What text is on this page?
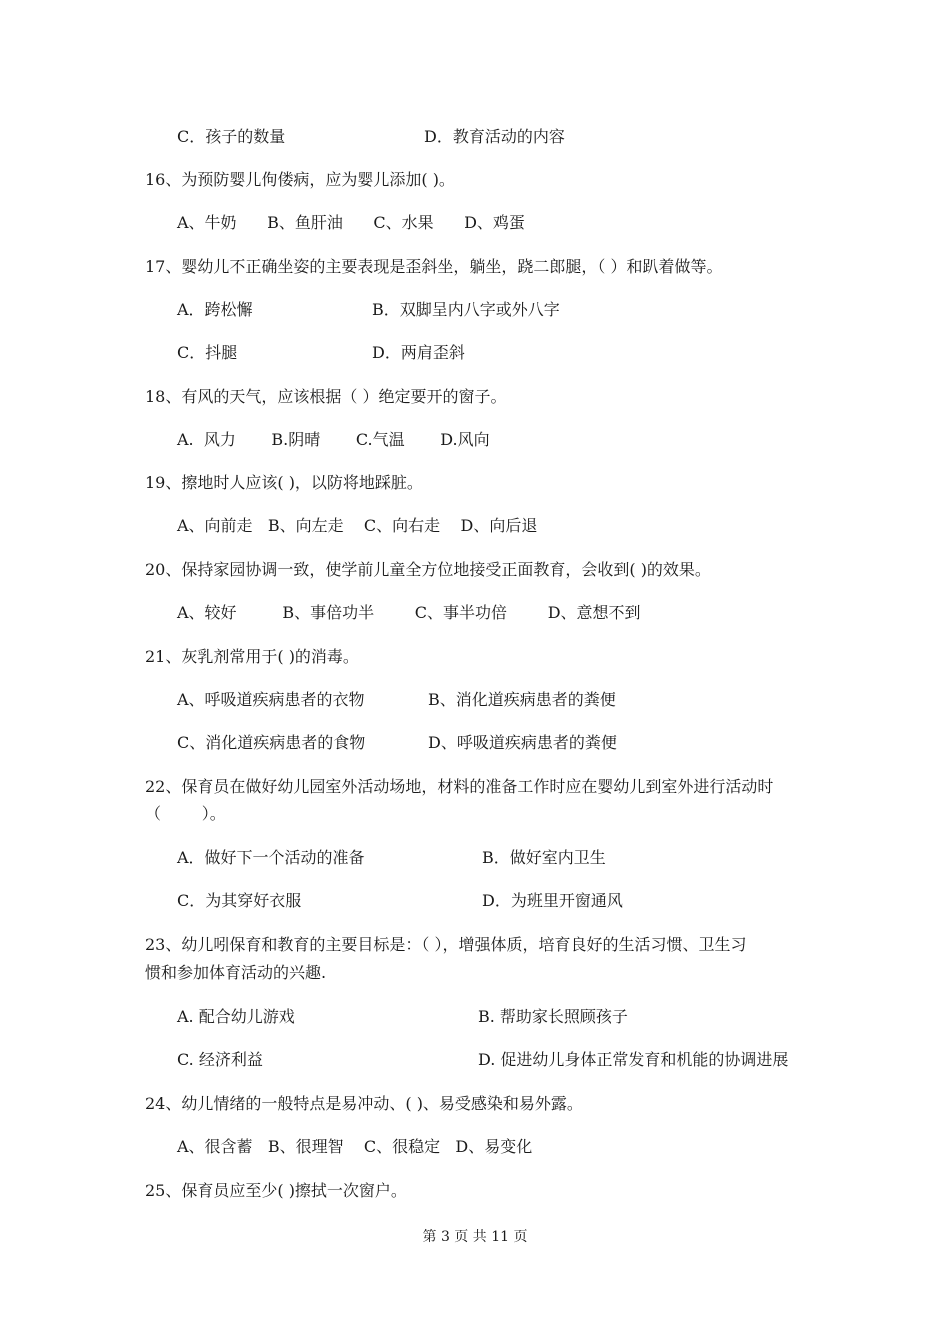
C．孩子的数量	D．教育活动的内容
16、为预防婴儿佝偻病，应为婴儿添加( )。
A、牛奶      B、鱼肝油      C、水果      D、鸡蛋
17、婴幼儿不正确坐姿的主要表现是歪斜坐，躺坐，跷二郎腿，（ ）和趴着做等。
A．跨松懈	B．双脚呈内八字或外八字
C．抖腿	D．两肩歪斜
18、有风的天气，应该根据（ ）绝定要开的窗子。
A.  风力       B.阴晴       C.气温       D.风向
19、擦地时人应该( )，以防将地踩脏。
A、向前走   B、向左走    C、向右走    D、向后退
20、保持家园协调一致，使学前儿童全方位地接受正面教育，会收到( )的效果。
A、较好         B、事倍功半        C、事半功倍        D、意想不到
21、灰乳剂常用于( )的消毒。
A、呼吸道疾病患者的衣物	B、消化道疾病患者的粪便
C、消化道疾病患者的食物	D、呼吸道疾病患者的粪便
22、保育员在做好幼儿园室外活动场地，材料的准备工作时应在婴幼儿到室外进行活动时
（        ）。
A．做好下一个活动的准备	B．做好室内卫生
C．为其穿好衣服	D．为班里开窗通风
23、幼儿吲保育和教育的主要目标是：（ ），增强体质，培育良好的生活习惯、卫生习
惯和参加体育活动的兴趣.
A. 配合幼儿游戏	B. 帮助家长照顾孩子
C. 经济利益	D. 促进幼儿身体正常发育和机能的协调进展
24、幼儿情绪的一般特点是易冲动、( )、易受感染和易外露。
A、很含蓄   B、很理智    C、很稳定   D、易变化
25、保育员应至少( )擦拭一次窗户。
第 3 页 共 11 页
